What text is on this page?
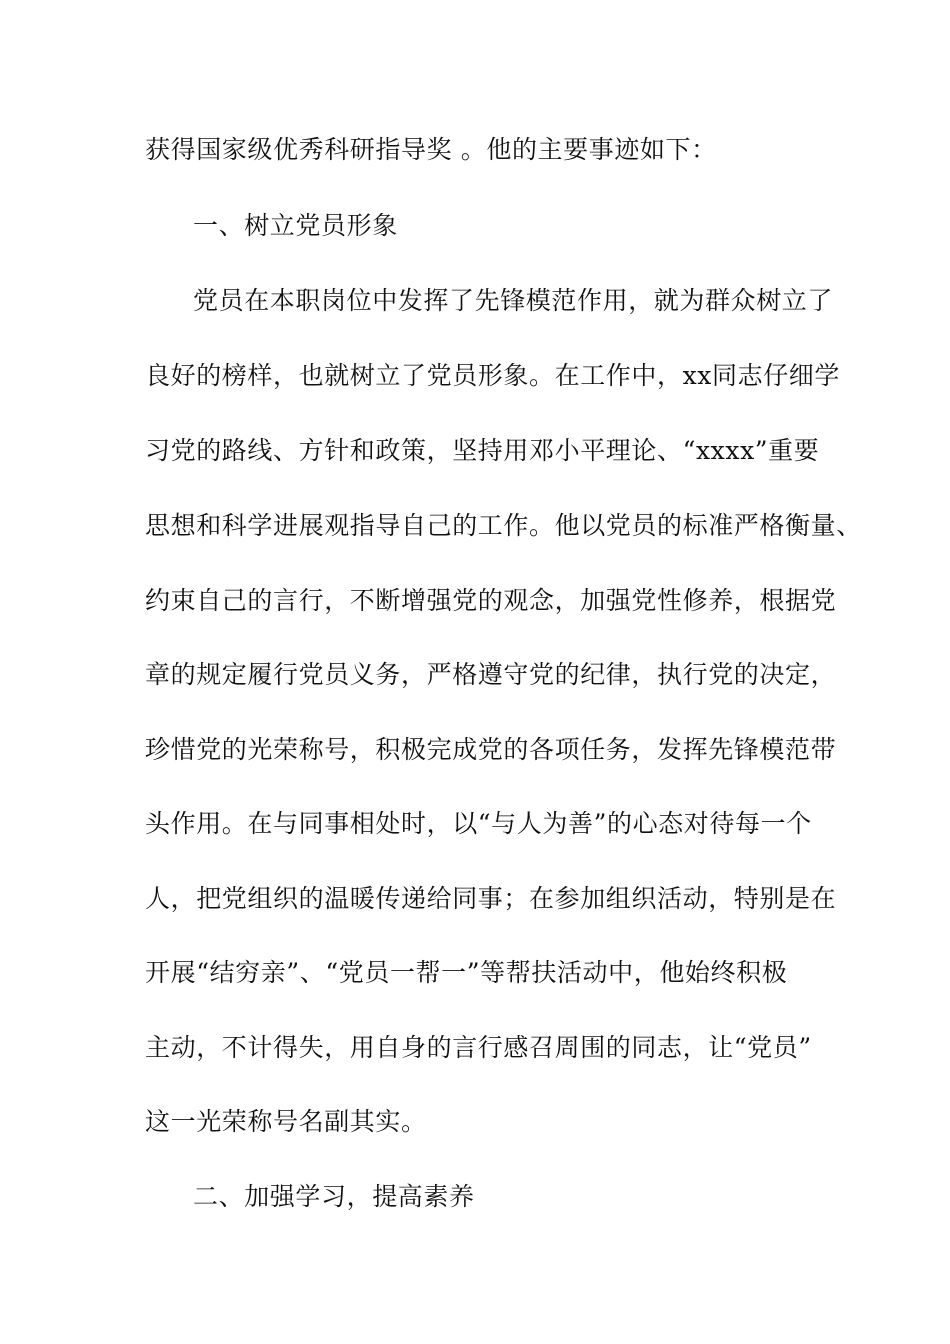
获得国家级优秀科研指导奖 。他的主要事迹如下：
一、树立党员形象
党员在本职岗位中发挥了先锋模范作用，就为群众树立了
良好的榜样，也就树立了党员形象。在工作中，xx同志仔细学
习党的路线、方针和政策，坚持用邓小平理论、“xxxx”重要
思想和科学进展观指导自己的工作。他以党员的标准严格衡量、
约束自己的言行，不断增强党的观念，加强党性修养，根据党
章的规定履行党员义务，严格遵守党的纪律，执行党的决定，
珍惜党的光荣称号，积极完成党的各项任务，发挥先锋模范带
头作用。在与同事相处时，以“与人为善”的心态对待每一个
人，把党组织的温暖传递给同事；在参加组织活动，特别是在
开展“结穷亲”、“党员一帮一”等帮扶活动中，他始终积极
主动，不计得失，用自身的言行感召周围的同志，让“党员”
这一光荣称号名副其实。
二、加强学习，提高素养
